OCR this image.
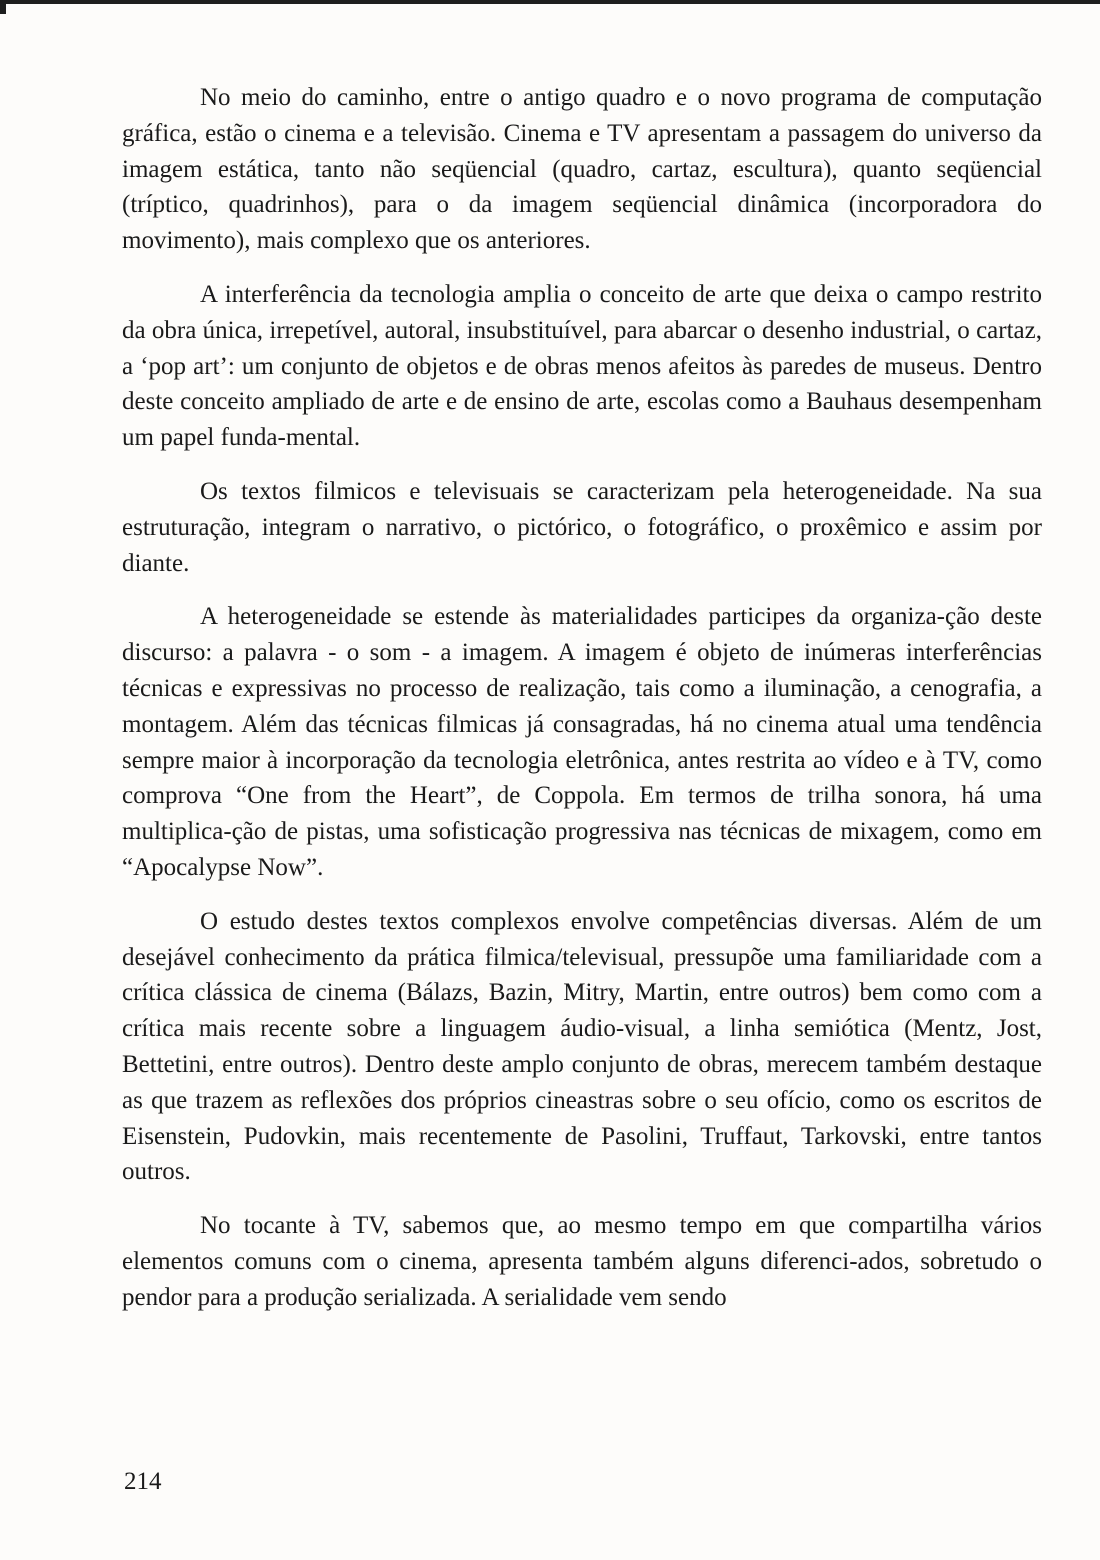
No meio do caminho, entre o antigo quadro e o novo programa de computação gráfica, estão o cinema e a televisão. Cinema e TV apresentam a passagem do universo da imagem estática, tanto não seqüencial (quadro, cartaz, escultura), quanto seqüencial (tríptico, quadrinhos), para o da imagem seqüencial dinâmica (incorporadora do movimento), mais complexo que os anteriores.

A interferência da tecnologia amplia o conceito de arte que deixa o campo restrito da obra única, irrepetível, autoral, insubstituível, para abarcar o desenho industrial, o cartaz, a ‘pop art’: um conjunto de objetos e de obras menos afeitos às paredes de museus. Dentro deste conceito ampliado de arte e de ensino de arte, escolas como a Bauhaus desempenham um papel funda-mental.

Os textos filmicos e televisuais se caracterizam pela heterogeneidade. Na sua estruturação, integram o narrativo, o pictórico, o fotográfico, o proxêmico e assim por diante.

A heterogeneidade se estende às materialidades participes da organiza-ção deste discurso: a palavra - o som - a imagem. A imagem é objeto de inúmeras interferências técnicas e expressivas no processo de realização, tais como a iluminação, a cenografia, a montagem. Além das técnicas filmicas já consagradas, há no cinema atual uma tendência sempre maior à incorporação da tecnologia eletrônica, antes restrita ao vídeo e à TV, como comprova “One from the Heart”, de Coppola. Em termos de trilha sonora, há uma multiplica-ção de pistas, uma sofisticação progressiva nas técnicas de mixagem, como em “Apocalypse Now”.

O estudo destes textos complexos envolve competências diversas. Além de um desejável conhecimento da prática filmica/televisual, pressupõe uma familiaridade com a crítica clássica de cinema (Bálazs, Bazin, Mitry, Martin, entre outros) bem como com a crítica mais recente sobre a linguagem áudio-visual, a linha semiótica (Mentz, Jost, Bettetini, entre outros). Dentro deste amplo conjunto de obras, merecem também destaque as que trazem as reflexões dos próprios cineastras sobre o seu ofício, como os escritos de Eisenstein, Pudovkin, mais recentemente de Pasolini, Truffaut, Tarkovski, entre tantos outros.

No tocante à TV, sabemos que, ao mesmo tempo em que compartilha vários elementos comuns com o cinema, apresenta também alguns diferenci-ados, sobretudo o pendor para a produção serializada. A serialidade vem sendo

214
